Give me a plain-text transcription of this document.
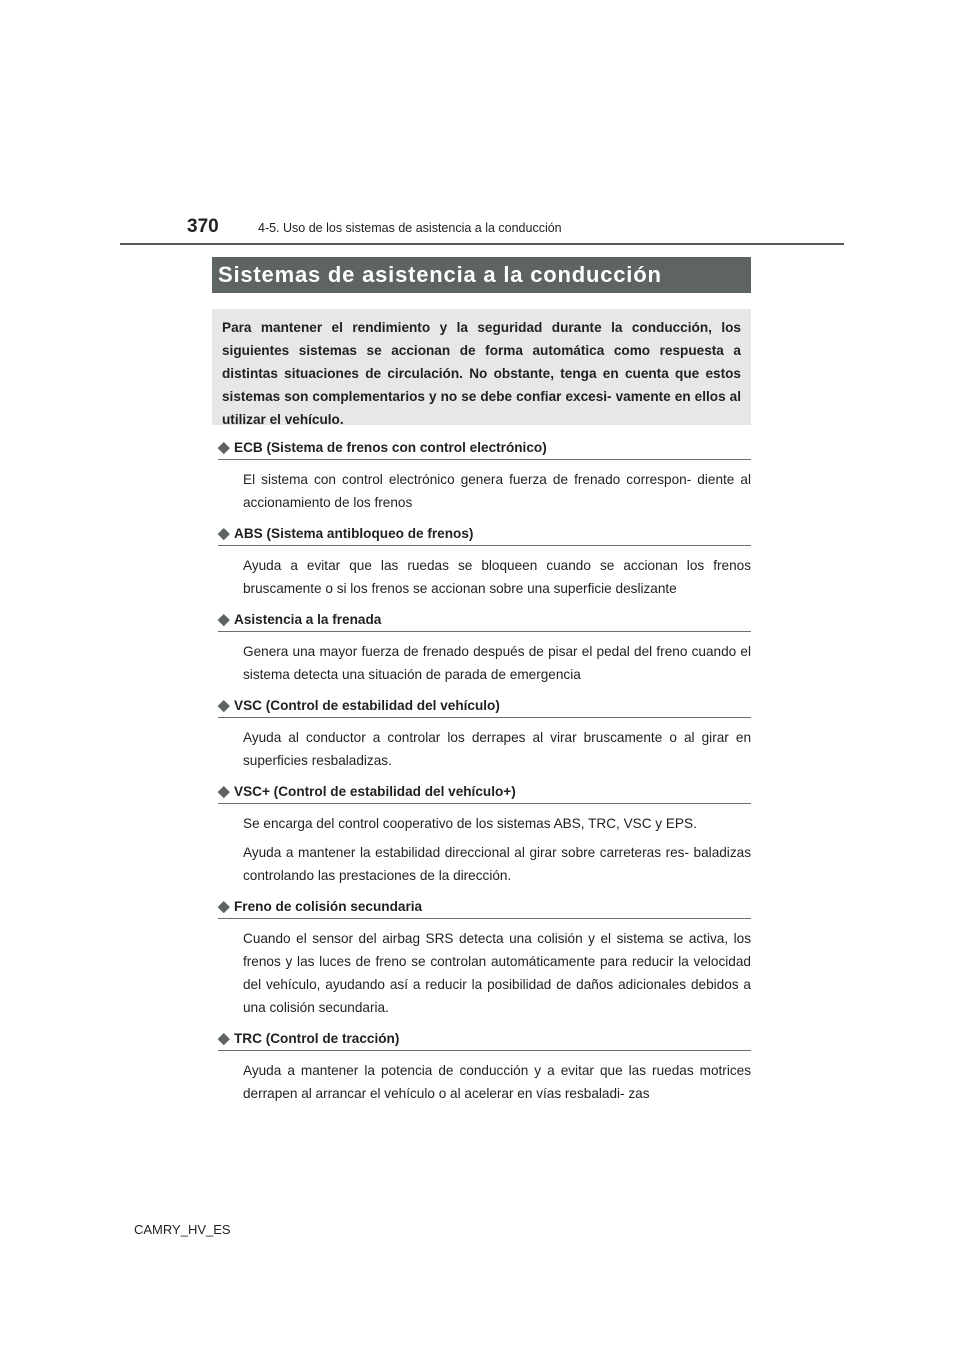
370	4-5. Uso de los sistemas de asistencia a la conducción
Sistemas de asistencia a la conducción
Para mantener el rendimiento y la seguridad durante la conducción, los siguientes sistemas se accionan de forma automática como respuesta a distintas situaciones de circulación. No obstante, tenga en cuenta que estos sistemas son complementarios y no se debe confiar excesi- vamente en ellos al utilizar el vehículo.
◆ ECB (Sistema de frenos con control electrónico)

El sistema con control electrónico genera fuerza de frenado correspon- diente al accionamiento de los frenos

◆ ABS (Sistema antibloqueo de frenos)

Ayuda a evitar que las ruedas se bloqueen cuando se accionan los frenos bruscamente o si los frenos se accionan sobre una superficie deslizante

◆ Asistencia a la frenada

Genera una mayor fuerza de frenado después de pisar el pedal del freno cuando el sistema detecta una situación de parada de emergencia

◆ VSC (Control de estabilidad del vehículo)

Ayuda al conductor a controlar los derrapes al virar bruscamente o al girar en superficies resbaladizas.

◆ VSC+ (Control de estabilidad del vehículo+)

Se encarga del control cooperativo de los sistemas ABS, TRC, VSC y EPS.

Ayuda a mantener la estabilidad direccional al girar sobre carreteras res- baladizas controlando las prestaciones de la dirección.

◆ Freno de colisión secundaria

Cuando el sensor del airbag SRS detecta una colisión y el sistema se activa, los frenos y las luces de freno se controlan automáticamente para reducir la velocidad del vehículo, ayudando así a reducir la posibilidad de daños adicionales debidos a una colisión secundaria.

◆ TRC (Control de tracción)

Ayuda a mantener la potencia de conducción y a evitar que las ruedas motrices derrapen al arrancar el vehículo o al acelerar en vías resbaladi- zas

CAMRY_HV_ES
